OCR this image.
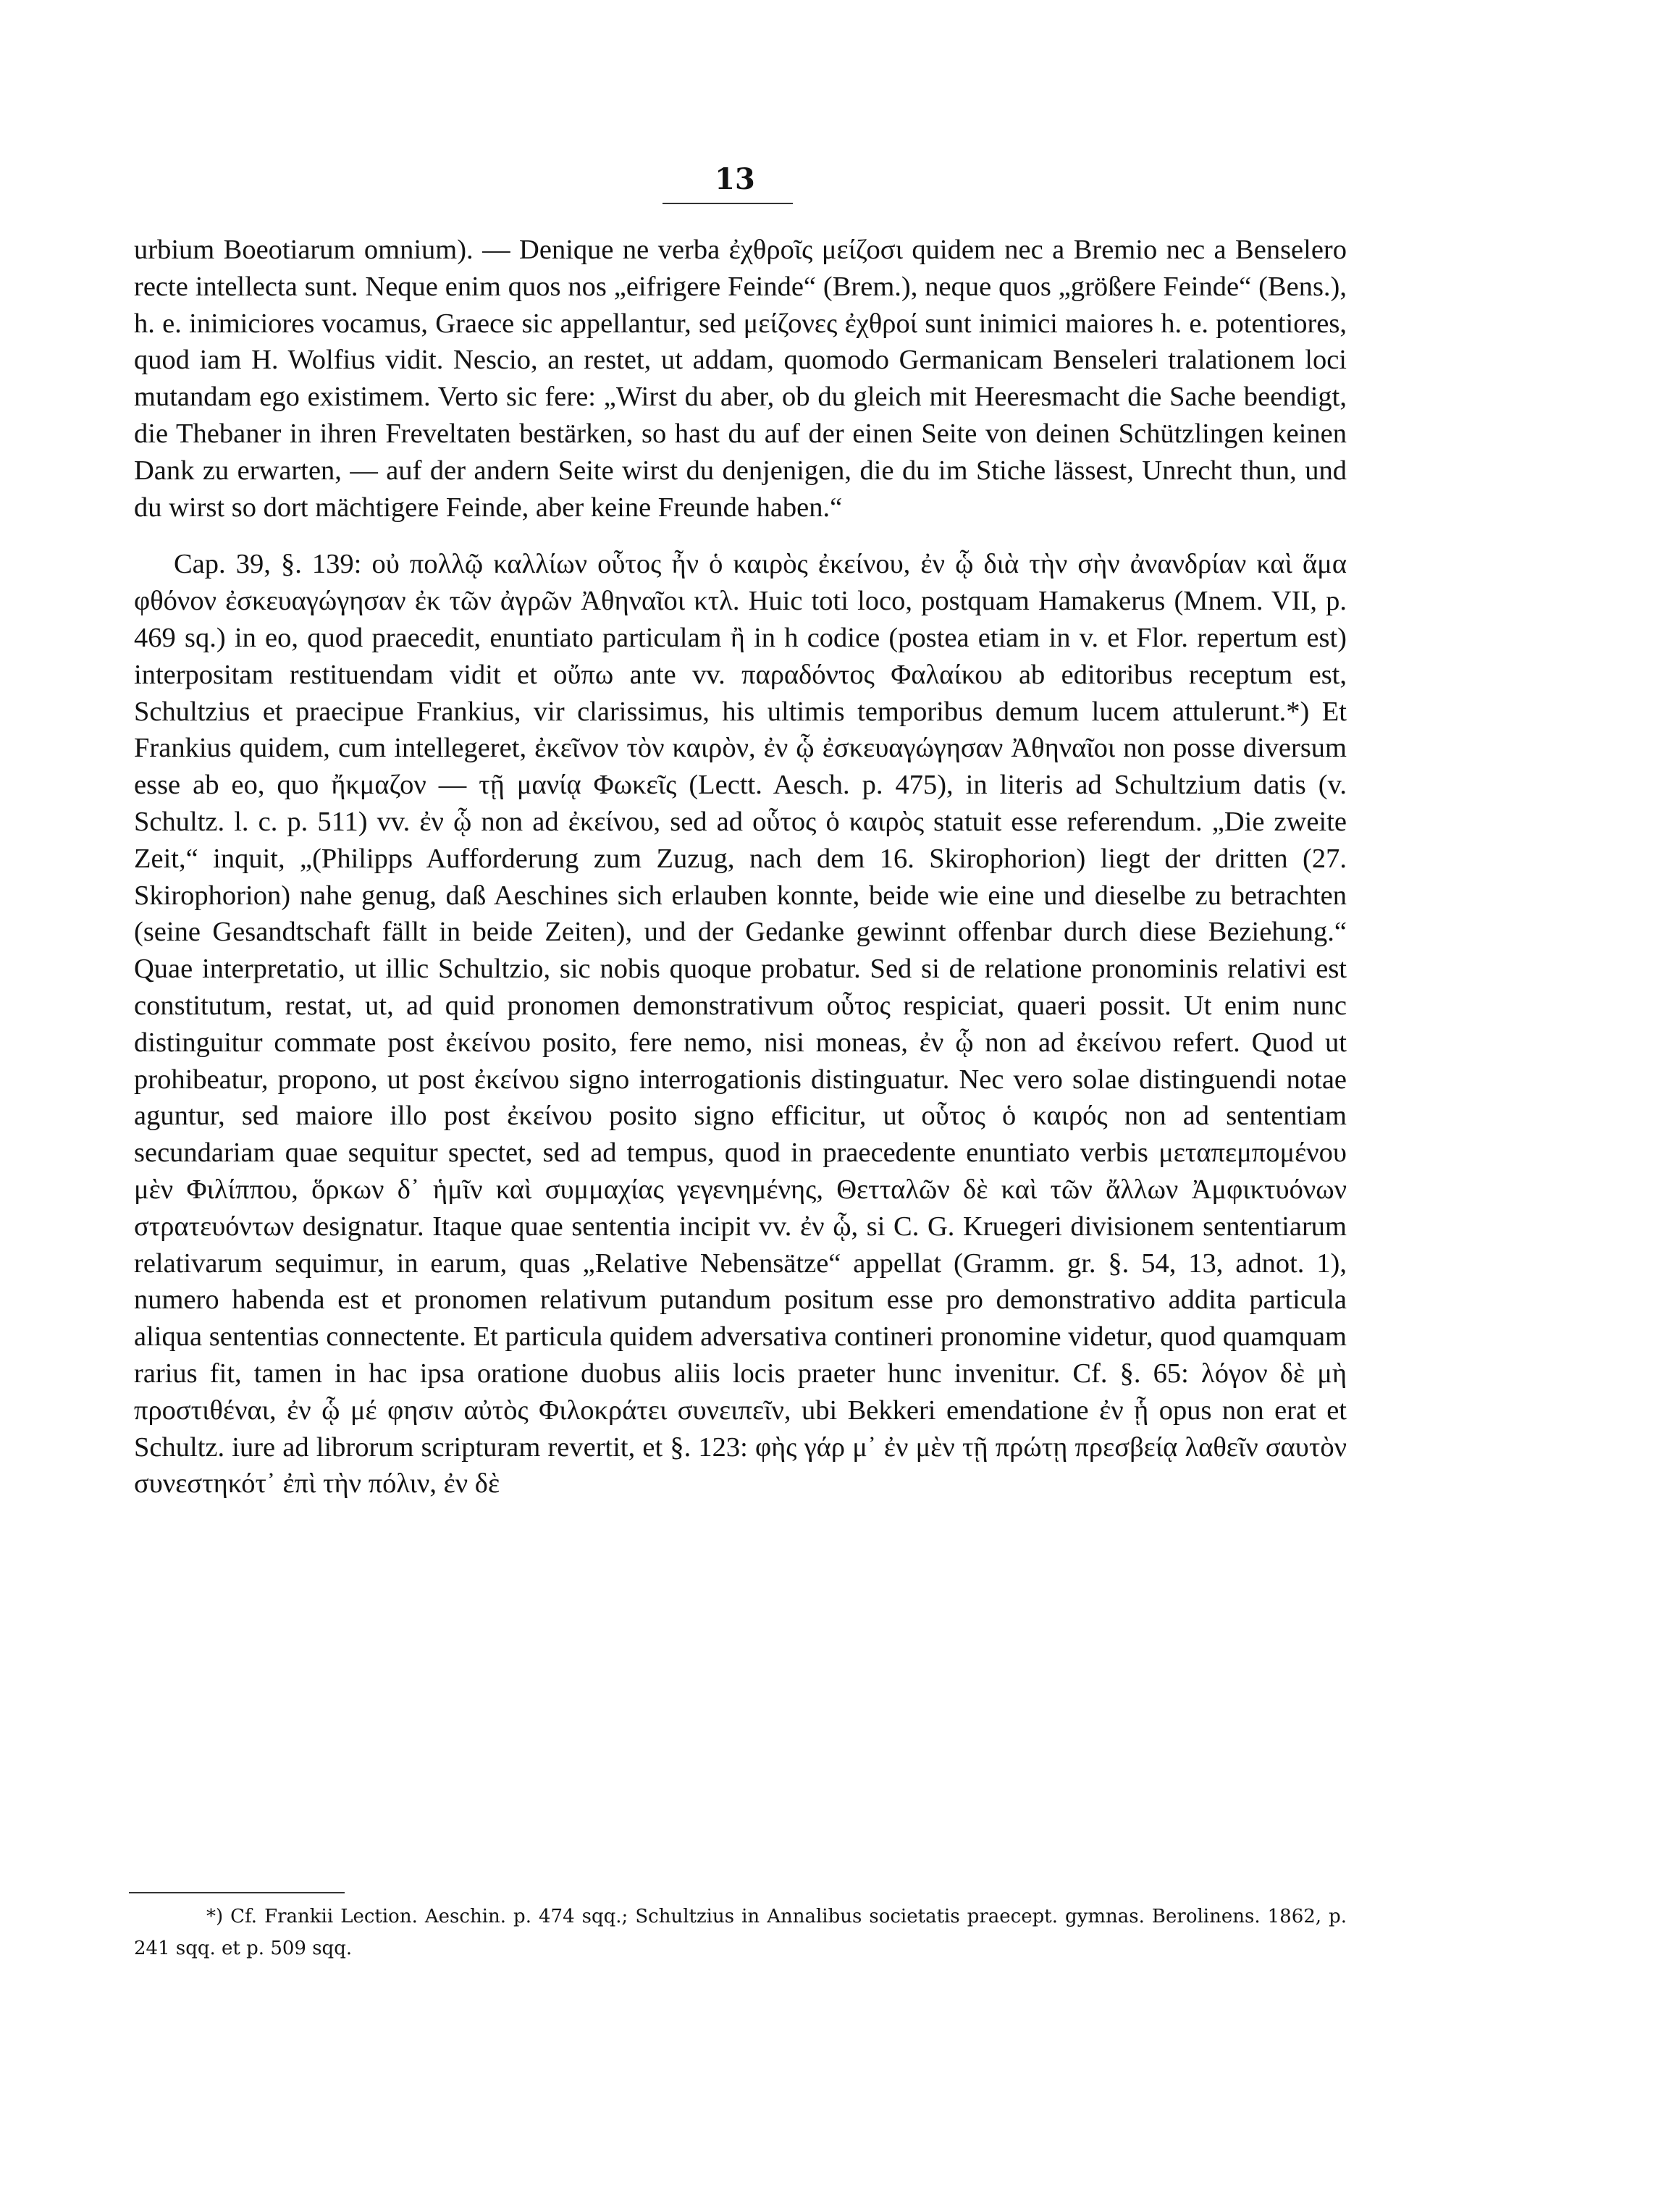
13

urbium Boeotiarum omnium). — Denique ne verba ἐχθροῖς μείζοσι quidem nec a Bremio nec a Benselero recte intellecta sunt. Neque enim quos nos „eifrigere Feinde“ (Brem.), neque quos „größere Feinde“ (Bens.), h. e. inimiciores vocamus, Graece sic appellantur, sed μείζονες ἐχθροί sunt inimici maiores h. e. potentiores, quod iam H. Wolfius vidit. Nescio, an restet, ut addam, quomodo Germanicam Benseleri tralationem loci mutandam ego existimem. Verto sic fere: „Wirst du aber, ob du gleich mit Heeresmacht die Sache beendigt, die Thebaner in ihren Freveltaten bestärken, so hast du auf der einen Seite von deinen Schützlingen keinen Dank zu erwarten, — auf der andern Seite wirst du denjenigen, die du im Stiche lässest, Unrecht thun, und du wirst so dort mächtigere Feinde, aber keine Freunde haben.“

Cap. 39, §. 139: οὐ πολλῷ καλλίων οὗτος ἦν ὁ καιρὸς ἐκείνου, ἐν ᾧ διὰ τὴν σὴν ἀνανδρίαν καὶ ἅμα φθόνον ἐσκευαγώγησαν ἐκ τῶν ἀγρῶν Ἀθηναῖοι κτλ. Huic toti loco, postquam Hamakerus (Mnem. VII, p. 469 sq.) in eo, quod praecedit, enuntiato particulam ἢ in h codice (postea etiam in v. et Flor. repertum est) interpositam restituendam vidit et οὔπω ante vv. παραδόντος Φαλαίκου ab editoribus receptum est, Schultzius et praecipue Frankius, vir clarissimus, his ultimis temporibus demum lucem attulerunt.*) Et Frankius quidem, cum intellegeret, ἐκεῖνον τὸν καιρὸν, ἐν ᾧ ἐσκευαγώγησαν Ἀθηναῖοι non posse diversum esse ab eo, quo ἤκμαζον — τῇ μανίᾳ Φωκεῖς (Lectt. Aesch. p. 475), in literis ad Schultzium datis (v. Schultz. l. c. p. 511) vv. ἐν ᾧ non ad ἐκείνου, sed ad οὗτος ὁ καιρὸς statuit esse referendum. „Die zweite Zeit,“ inquit, „(Philipps Aufforderung zum Zuzug, nach dem 16. Skirophorion) liegt der dritten (27. Skirophorion) nahe genug, daß Aeschines sich erlauben konnte, beide wie eine und dieselbe zu betrachten (seine Gesandtschaft fällt in beide Zeiten), und der Gedanke gewinnt offenbar durch diese Beziehung.“ Quae interpretatio, ut illic Schultzio, sic nobis quoque probatur. Sed si de relatione pronominis relativi est constitutum, restat, ut, ad quid pronomen demonstrativum οὗτος respiciat, quaeri possit. Ut enim nunc distinguitur commate post ἐκείνου posito, fere nemo, nisi moneas, ἐν ᾧ non ad ἐκείνου refert. Quod ut prohibeatur, propono, ut post ἐκείνου signo interrogationis distinguatur. Nec vero solae distinguendi notae aguntur, sed maiore illo post ἐκείνου posito signo efficitur, ut οὗτος ὁ καιρός non ad sententiam secundariam quae sequitur spectet, sed ad tempus, quod in praecedente enuntiato verbis μεταπεμπομένου μὲν Φιλίππου, ὅρκων δ᾽ ἡμῖν καὶ συμμαχίας γεγενημένης, Θετταλῶν δὲ καὶ τῶν ἄλλων Ἀμφικτυόνων στρατευόντων designatur. Itaque quae sententia incipit vv. ἐν ᾧ, si C. G. Kruegeri divisionem sententiarum relativarum sequimur, in earum, quas „Relative Nebensätze“ appellat (Gramm. gr. §. 54, 13, adnot. 1), numero habenda est et pronomen relativum putandum positum esse pro demonstrativo addita particula aliqua sententias connectente. Et particula quidem adversativa contineri pronomine videtur, quod quamquam rarius fit, tamen in hac ipsa oratione duobus aliis locis praeter hunc invenitur. Cf. §. 65: λόγον δὲ μὴ προστιθέναι, ἐν ᾧ μέ φησιν αὐτὸς Φιλοκράτει συνειπεῖν, ubi Bekkeri emendatione ἐν ᾗ opus non erat et Schultz. iure ad librorum scripturam revertit, et §. 123: φὴς γάρ μ᾽ ἐν μὲν τῇ πρώτῃ πρεσβείᾳ λαθεῖν σαυτὸν συνεστηκότ᾽ ἐπὶ τὴν πόλιν, ἐν δὲ

*) Cf. Frankii Lection. Aeschin. p. 474 sqq.; Schultzius in Annalibus societatis praecept. gymnas. Berolinens. 1862, p. 241 sqq. et p. 509 sqq.
